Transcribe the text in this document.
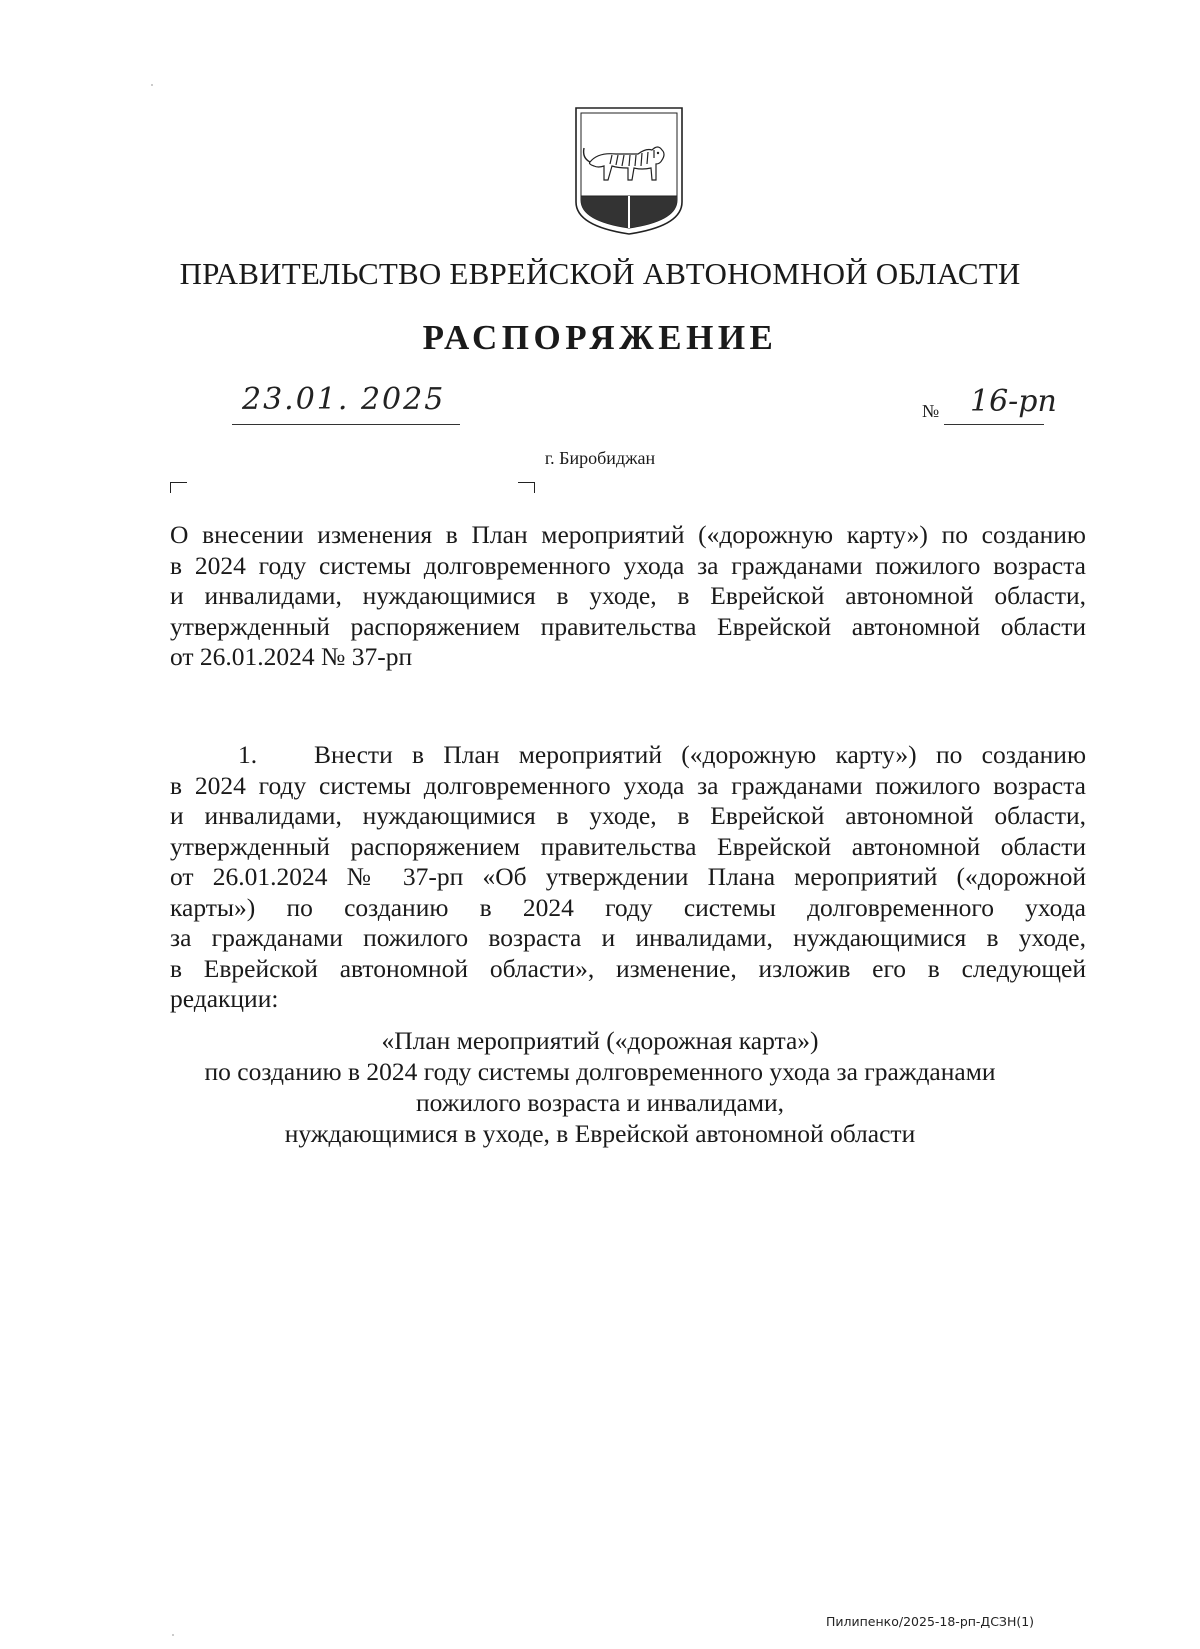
ПРАВИТЕЛЬСТВО ЕВРЕЙСКОЙ АВТОНОМНОЙ ОБЛАСТИ
РАСПОРЯЖЕНИЕ
23.01. 2025	№ 16-рп
г. Биробиджан
О внесении изменения в План мероприятий («дорожную карту») по созданию
в 2024 году системы долговременного ухода за гражданами пожилого возраста
и инвалидами, нуждающимися в уходе, в Еврейской автономной области,
утвержденный распоряжением правительства Еврейской автономной области
от 26.01.2024 № 37-рп
1. Внести в План мероприятий («дорожную карту») по созданию
в 2024 году системы долговременного ухода за гражданами пожилого возраста
и инвалидами, нуждающимися в уходе, в Еврейской автономной области,
утвержденный распоряжением правительства Еврейской автономной области
от 26.01.2024 № 37-рп «Об утверждении Плана мероприятий («дорожной
карты») по созданию в 2024 году системы долговременного ухода
за гражданами пожилого возраста и инвалидами, нуждающимися в уходе,
в Еврейской автономной области», изменение, изложив его в следующей
редакции:
«План мероприятий («дорожная карта»)
по созданию в 2024 году системы долговременного ухода за гражданами
пожилого возраста и инвалидами,
нуждающимися в уходе, в Еврейской автономной области
Пилипенко/2025-18-рп-ДСЗН(1)
